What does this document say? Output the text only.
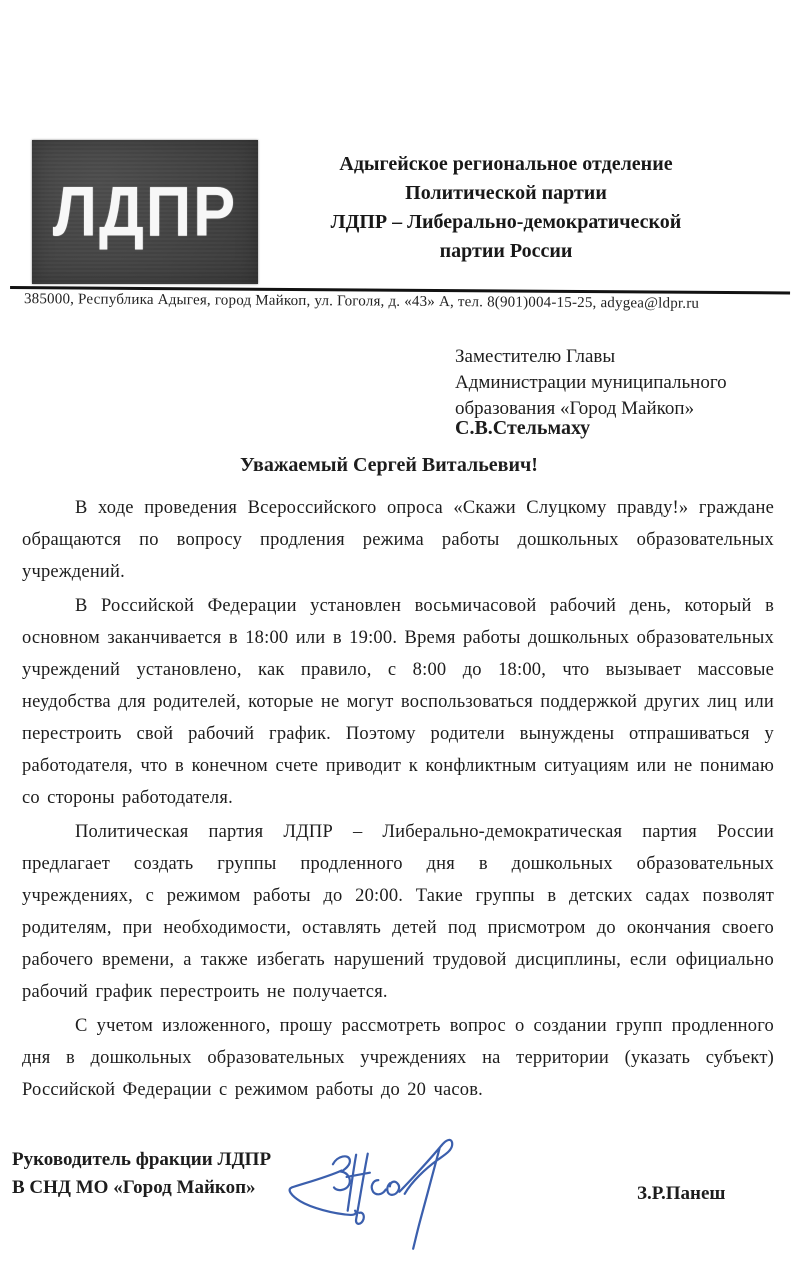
ЛДПР
Адыгейское региональное отделение
Политической партии
ЛДПР – Либерально-демократической
партии России
385000, Республика Адыгея, город Майкоп, ул. Гоголя, д. «43» А, тел. 8(901)004-15-25, adygea@ldpr.ru
Заместителю Главы
Администрации муниципального
образования «Город Майкоп»
С.В.Стельмаху
Уважаемый Сергей Витальевич!

В ходе проведения Всероссийского опроса «Скажи Слуцкому правду!» граждане обращаются по вопросу продления режима работы дошкольных образовательных учреждений.

В Российской Федерации установлен восьмичасовой рабочий день, который в основном заканчивается в 18:00 или в 19:00. Время работы дошкольных образовательных учреждений установлено, как правило, с 8:00 до 18:00, что вызывает массовые неудобства для родителей, которые не могут воспользоваться поддержкой других лиц или перестроить свой рабочий график. Поэтому родители вынуждены отпрашиваться у работодателя, что в конечном счете приводит к конфликтным ситуациям или не понимаю со стороны работодателя.

Политическая партия ЛДПР – Либерально-демократическая партия России предлагает создать группы продленного дня в дошкольных образовательных учреждениях, с режимом работы до 20:00. Такие группы в детских садах позволят родителям, при необходимости, оставлять детей под присмотром до окончания своего рабочего времени, а также избегать нарушений трудовой дисциплины, если официально рабочий график перестроить не получается.

С учетом изложенного, прошу рассмотреть вопрос о создании групп продленного дня в дошкольных образовательных учреждениях на территории (указать субъект) Российской Федерации с режимом работы до 20 часов.

Руководитель фракции ЛДПР
В СНД МО «Город Майкоп»	З.Р.Панеш
